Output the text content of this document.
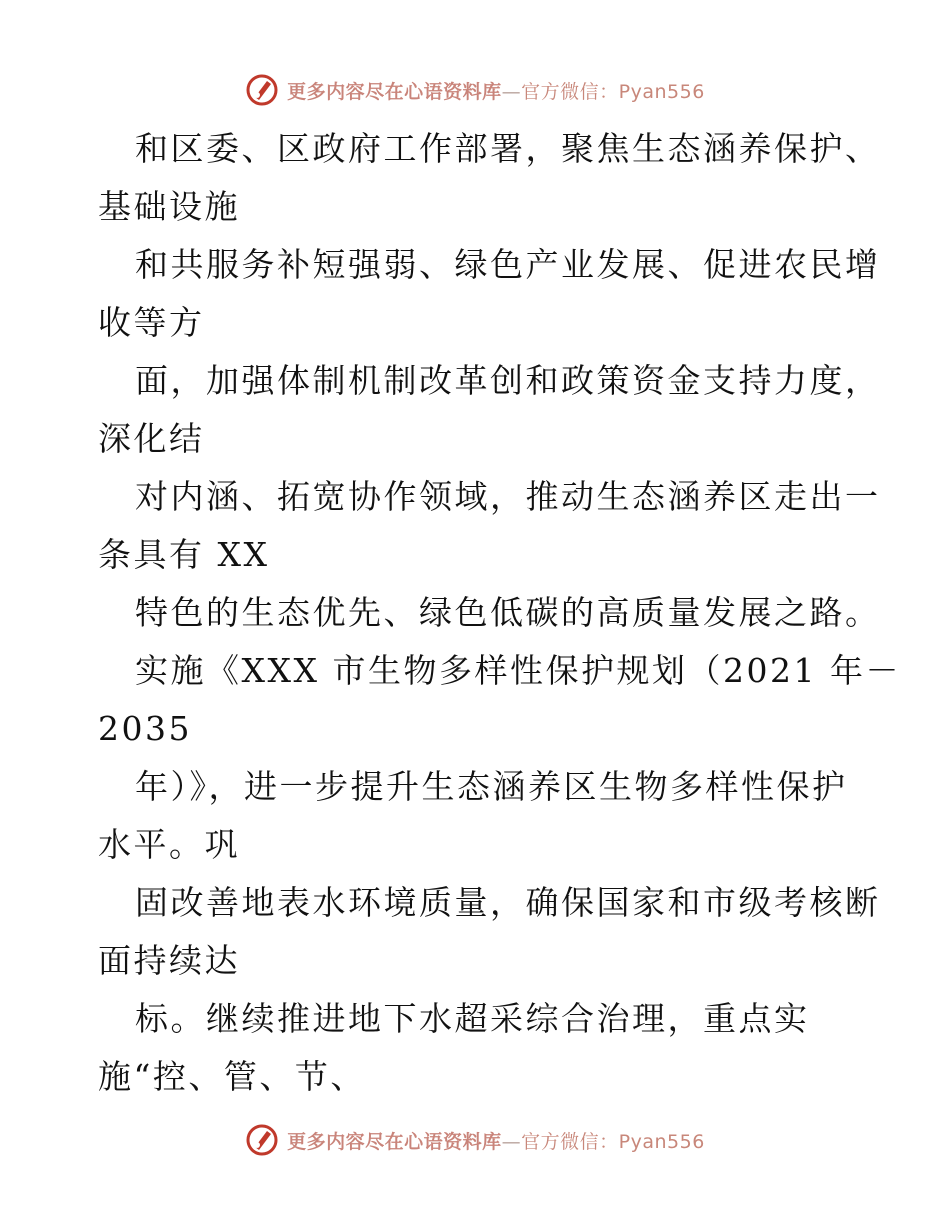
更多内容尽在心语资料库—官方微信：Pyan556
和区委、区政府工作部署，聚焦生态涵养保护、
基础设施
和共服务补短强弱、绿色产业发展、促进农民增
收等方
面，加强体制机制改革创和政策资金支持力度，
深化结
对内涵、拓宽协作领域，推动生态涵养区走出一
条具有 XX
特色的生态优先、绿色低碳的高质量发展之路。
实施《XXX 市生物多样性保护规划（2021 年－
2035
年）》，进一步提升生态涵养区生物多样性保护
水平。巩
固改善地表水环境质量，确保国家和市级考核断
面持续达
标。继续推进地下水超采综合治理，重点实
施“控、管、节、
更多内容尽在心语资料库—官方微信：Pyan556
